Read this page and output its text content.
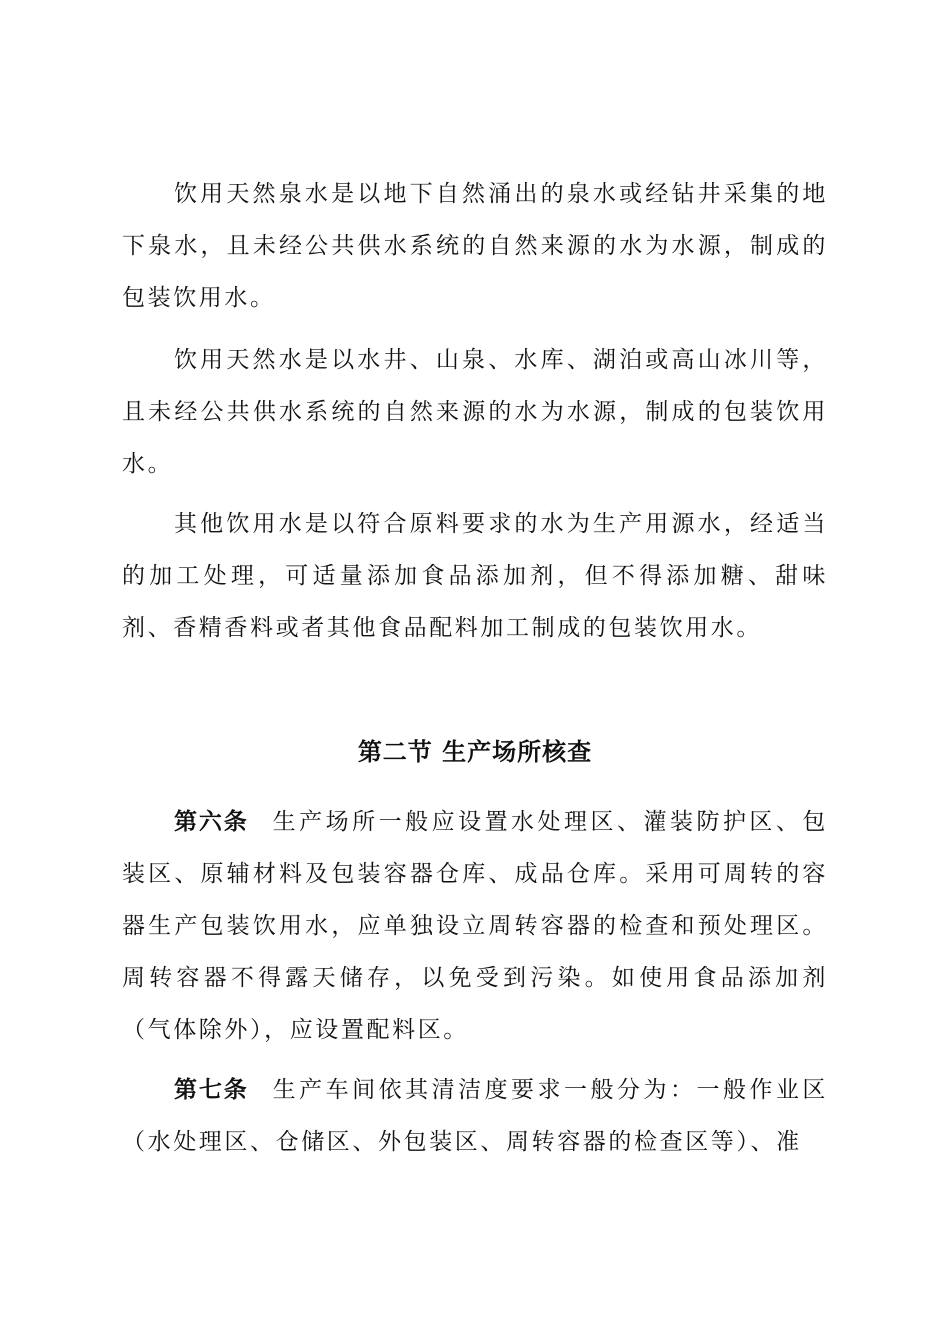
饮用天然泉水是以地下自然涌出的泉水或经钻井采集的地下泉水，且未经公共供水系统的自然来源的水为水源，制成的包装饮用水。

饮用天然水是以水井、山泉、水库、湖泊或高山冰川等，且未经公共供水系统的自然来源的水为水源，制成的包装饮用水。

其他饮用水是以符合原料要求的水为生产用源水，经适当的加工处理，可适量添加食品添加剂，但不得添加糖、甜味剂、香精香料或者其他食品配料加工制成的包装饮用水。

第二节 生产场所核查

第六条 生产场所一般应设置水处理区、灌装防护区、包装区、原辅材料及包装容器仓库、成品仓库。采用可周转的容器生产包装饮用水，应单独设立周转容器的检查和预处理区。周转容器不得露天储存，以免受到污染。如使用食品添加剂（气体除外），应设置配料区。

第七条 生产车间依其清洁度要求一般分为：一般作业区（水处理区、仓储区、外包装区、周转容器的检查区等）、准
